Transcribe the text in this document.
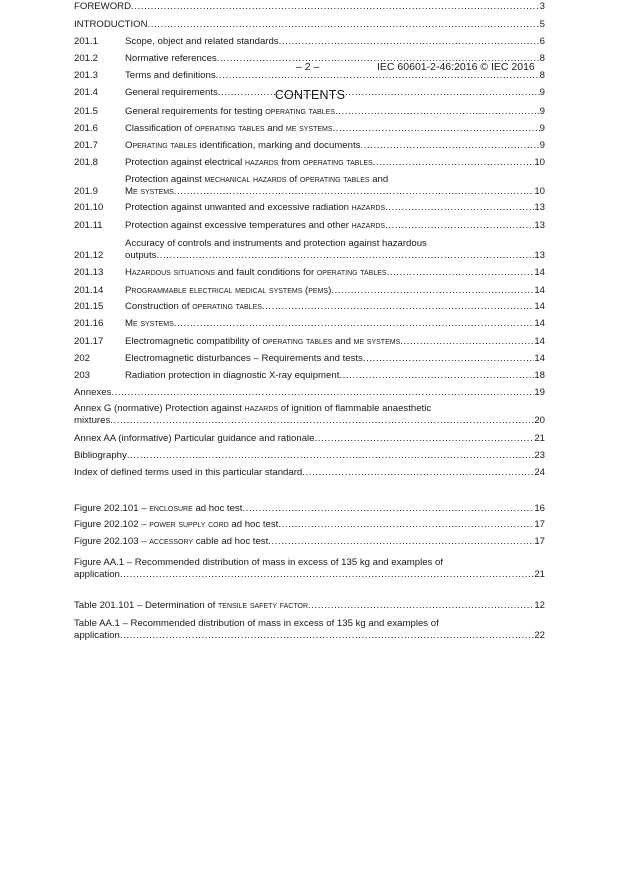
– 2 –	IEC 60601-2-46:2016 © IEC 2016
CONTENTS
FOREWORD .....	3
INTRODUCTION .....	5
201.1	Scope, object and related standards .....	6
201.2	Normative references .....	8
201.3	Terms and definitions .....	8
201.4	General requirements .....	9
201.5	General requirements for testing operating tables .....	9
201.6	Classification of operating tables and me systems .....	9
201.7	Operating tables identification, marking and documents .....	9
201.8	Protection against electrical hazards from operating tables .....	10
201.9
Protection against mechanical hazards of operating tables and
Me systems .....	10
201.10	Protection against unwanted and excessive radiation hazards .....	13
201.11	Protection against excessive temperatures and other hazards .....	13
201.12
Accuracy of controls and instruments and protection against hazardous
outputs .....	13
201.13	Hazardous situations and fault conditions for operating tables .....	14
201.14	Programmable electrical medical systems (pems) .....	14
201.15	Construction of operating tables .....	14
201.16	Me systems .....	14
201.17	Electromagnetic compatibility of operating tables and me systems .....	14
202	Electromagnetic disturbances – Requirements and tests .....	14
203	Radiation protection in diagnostic X-ray equipment .....	18
Annexes .....	19
Annex G (normative) Protection against hazards of ignition of flammable anaesthetic
mixtures .....	20
Annex AA (informative) Particular guidance and rationale .....	21
Bibliography .....	23
Index of defined terms used in this particular standard .....	24
Figure 202.101 – enclosure ad hoc test .....	16
Figure 202.102 – power supply cord ad hoc test .....	17
Figure 202.103 – accessory cable ad hoc test .....	17
Figure AA.1 – Recommended distribution of mass in excess of 135 kg and examples of
application .....	21
Table 201.101 – Determination of tensile safety factor .....	12
Table AA.1 – Recommended distribution of mass in excess of 135 kg and examples of
application .....	22
